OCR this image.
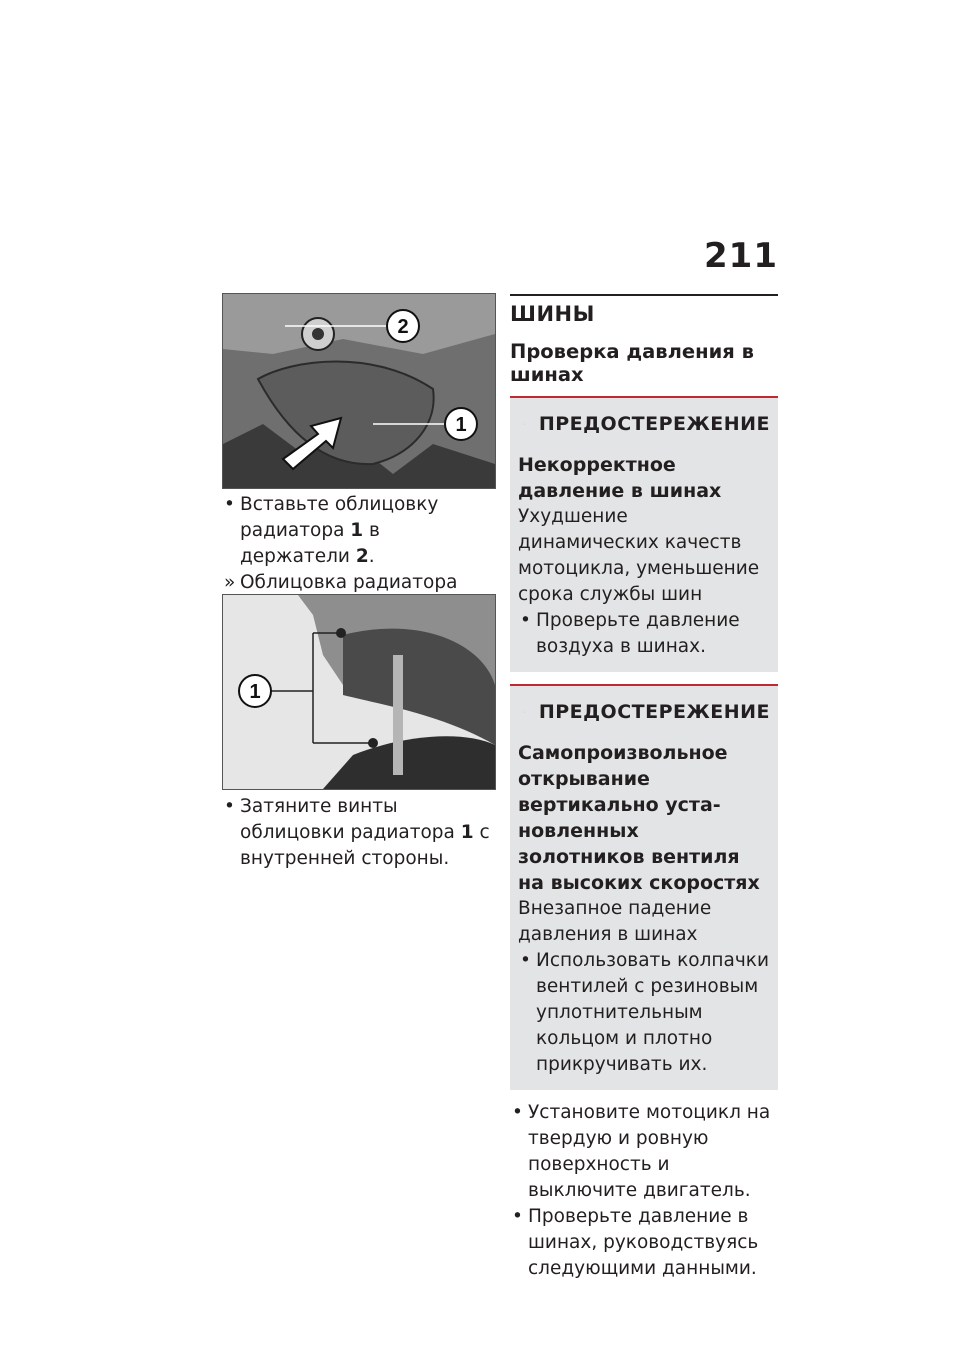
211
2
1
• Вставьте облицовку радиатора 1 в держатели 2.
» Облицовка радиатора
1
• Затяните винты облицовки радиатора 1 с внутренней стороны.
ШИНЫ
Проверка давления в шинах
ПРЕДОСТЕРЕЖЕНИЕ
Некорректное давление в шинах
Ухудшение динамических качеств мотоцикла, уменьшение срока службы шин
• Проверьте давление воздуха в шинах.
ПРЕДОСТЕРЕЖЕНИЕ
Самопроизвольное открывание вертикально установленных золотников вентиля на высоких скоростях
Внезапное падение давления в шинах
• Использовать колпачки вентилей с резиновым уплотнительным кольцом и плотно прикручивать их.
• Установите мотоцикл на твердую и ровную поверхность и выключите двигатель.
• Проверьте давление в шинах, руководствуясь следующими данными.
